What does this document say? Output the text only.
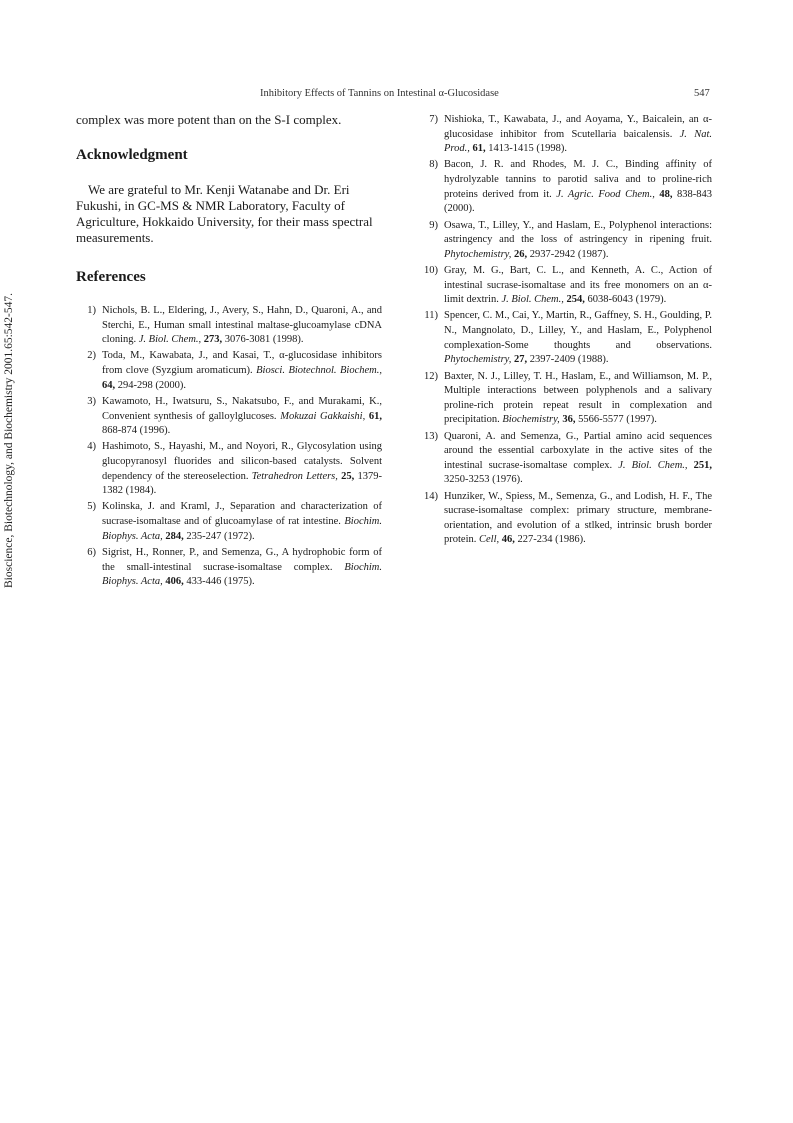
Bioscience, Biotechnology, and Biochemistry 2001.65:542-547.
Inhibitory Effects of Tannins on Intestinal α-Glucosidase	547

complex was more potent than on the S-I complex.

Acknowledgment

We are grateful to Mr. Kenji Watanabe and Dr. Eri Fukushi, in GC-MS & NMR Laboratory, Faculty of Agriculture, Hokkaido University, for their mass spectral measurements.

References
1) Nichols, B. L., Eldering, J., Avery, S., Hahn, D., Quaroni, A., and Sterchi, E., Human small intestinal maltase-glucoamylase cDNA cloning. J. Biol. Chem., 273, 3076-3081 (1998).
2) Toda, M., Kawabata, J., and Kasai, T., α-glucosidase inhibitors from clove (Syzgium aromaticum). Biosci. Biotechnol. Biochem., 64, 294-298 (2000).
3) Kawamoto, H., Iwatsuru, S., Nakatsubo, F., and Murakami, K., Convenient synthesis of galloylglucoses. Mokuzai Gakkaishi, 61, 868-874 (1996).
4) Hashimoto, S., Hayashi, M., and Noyori, R., Glycosylation using glucopyranosyl fluorides and silicon-based catalysts. Solvent dependency of the stereoselection. Tetrahedron Letters, 25, 1379-1382 (1984).
5) Kolinska, J. and Kraml, J., Separation and characterization of sucrase-isomaltase and of glucoamylase of rat intestine. Biochim. Biophys. Acta, 284, 235-247 (1972).
6) Sigrist, H., Ronner, P., and Semenza, G., A hydrophobic form of the small-intestinal sucrase-isomaltase complex. Biochim. Biophys. Acta, 406, 433-446 (1975).
7) Nishioka, T., Kawabata, J., and Aoyama, Y., Baicalein, an α-glucosidase inhibitor from Scutellaria baicalensis. J. Nat. Prod., 61, 1413-1415 (1998).
8) Bacon, J. R. and Rhodes, M. J. C., Binding affinity of hydrolyzable tannins to parotid saliva and to proline-rich proteins derived from it. J. Agric. Food Chem., 48, 838-843 (2000).
9) Osawa, T., Lilley, Y., and Haslam, E., Polyphenol interactions: astringency and the loss of astringency in ripening fruit. Phytochemistry, 26, 2937-2942 (1987).
10) Gray, M. G., Bart, C. L., and Kenneth, A. C., Action of intestinal sucrase-isomaltase and its free monomers on an α-limit dextrin. J. Biol. Chem., 254, 6038-6043 (1979).
11) Spencer, C. M., Cai, Y., Martin, R., Gaffney, S. H., Goulding, P. N., Mangnolato, D., Lilley, Y., and Haslam, E., Polyphenol complexation-Some thoughts and observations. Phytochemistry, 27, 2397-2409 (1988).
12) Baxter, N. J., Lilley, T. H., Haslam, E., and Williamson, M. P., Multiple interactions between polyphenols and a salivary proline-rich protein repeat result in complexation and precipitation. Biochemistry, 36, 5566-5577 (1997).
13) Quaroni, A. and Semenza, G., Partial amino acid sequences around the essential carboxylate in the active sites of the intestinal sucrase-isomaltase complex. J. Biol. Chem., 251, 3250-3253 (1976).
14) Hunziker, W., Spiess, M., Semenza, G., and Lodish, H. F., The sucrase-isomaltase complex: primary structure, membrane-orientation, and evolution of a stlked, intrinsic brush border protein. Cell, 46, 227-234 (1986).
